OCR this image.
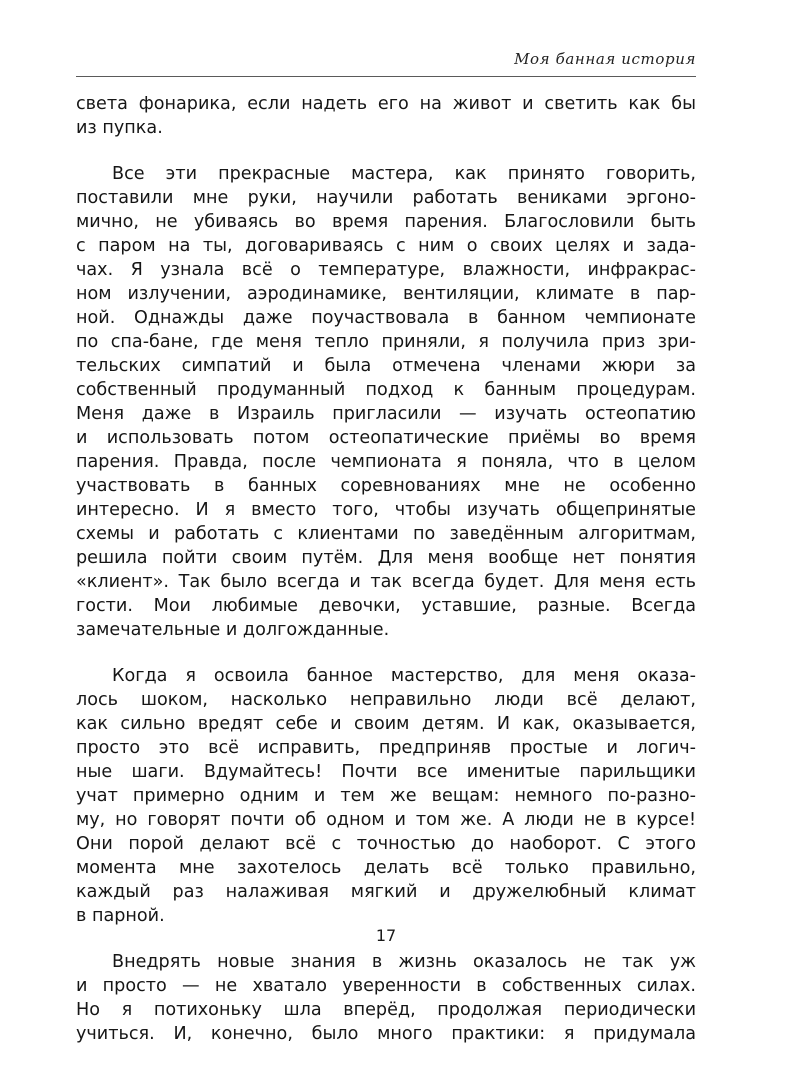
Моя банная история
света фонарика, если надеть его на живот и светить как бы
из пупка.
Все эти прекрасные мастера, как принято говорить,
поставили мне руки, научили работать вениками эргоно-
мично, не убиваясь во время парения. Благословили быть
с паром на ты, договариваясь с ним о своих целях и зада-
чах. Я узнала всё о температуре, влажности, инфракрас-
ном излучении, аэродинамике, вентиляции, климате в пар-
ной. Однажды даже поучаствовала в банном чемпионате
по спа-бане, где меня тепло приняли, я получила приз зри-
тельских симпатий и была отмечена членами жюри за
собственный продуманный подход к банным процедурам.
Меня даже в Израиль пригласили — изучать остеопатию
и использовать потом остеопатические приёмы во время
парения. Правда, после чемпионата я поняла, что в целом
участвовать в банных соревнованиях мне не особенно
интересно. И я вместо того, чтобы изучать общепринятые
схемы и работать с клиентами по заведённым алгоритмам,
решила пойти своим путём. Для меня вообще нет понятия
«клиент». Так было всегда и так всегда будет. Для меня есть
гости. Мои любимые девочки, уставшие, разные. Всегда
замечательные и долгожданные.
Когда я освоила банное мастерство, для меня оказа-
лось шоком, насколько неправильно люди всё делают,
как сильно вредят себе и своим детям. И как, оказывается,
просто это всё исправить, предприняв простые и логич-
ные шаги. Вдумайтесь! Почти все именитые парильщики
учат примерно одним и тем же вещам: немного по-разно-
му, но говорят почти об одном и том же. А люди не в курсе!
Они порой делают всё с точностью до наоборот. С этого
момента мне захотелось делать всё только правильно,
каждый раз налаживая мягкий и дружелюбный климат
в парной.
Внедрять новые знания в жизнь оказалось не так уж
и просто — не хватало уверенности в собственных силах.
Но я потихоньку шла вперёд, продолжая периодически
учиться. И, конечно, было много практики: я придумала
17
